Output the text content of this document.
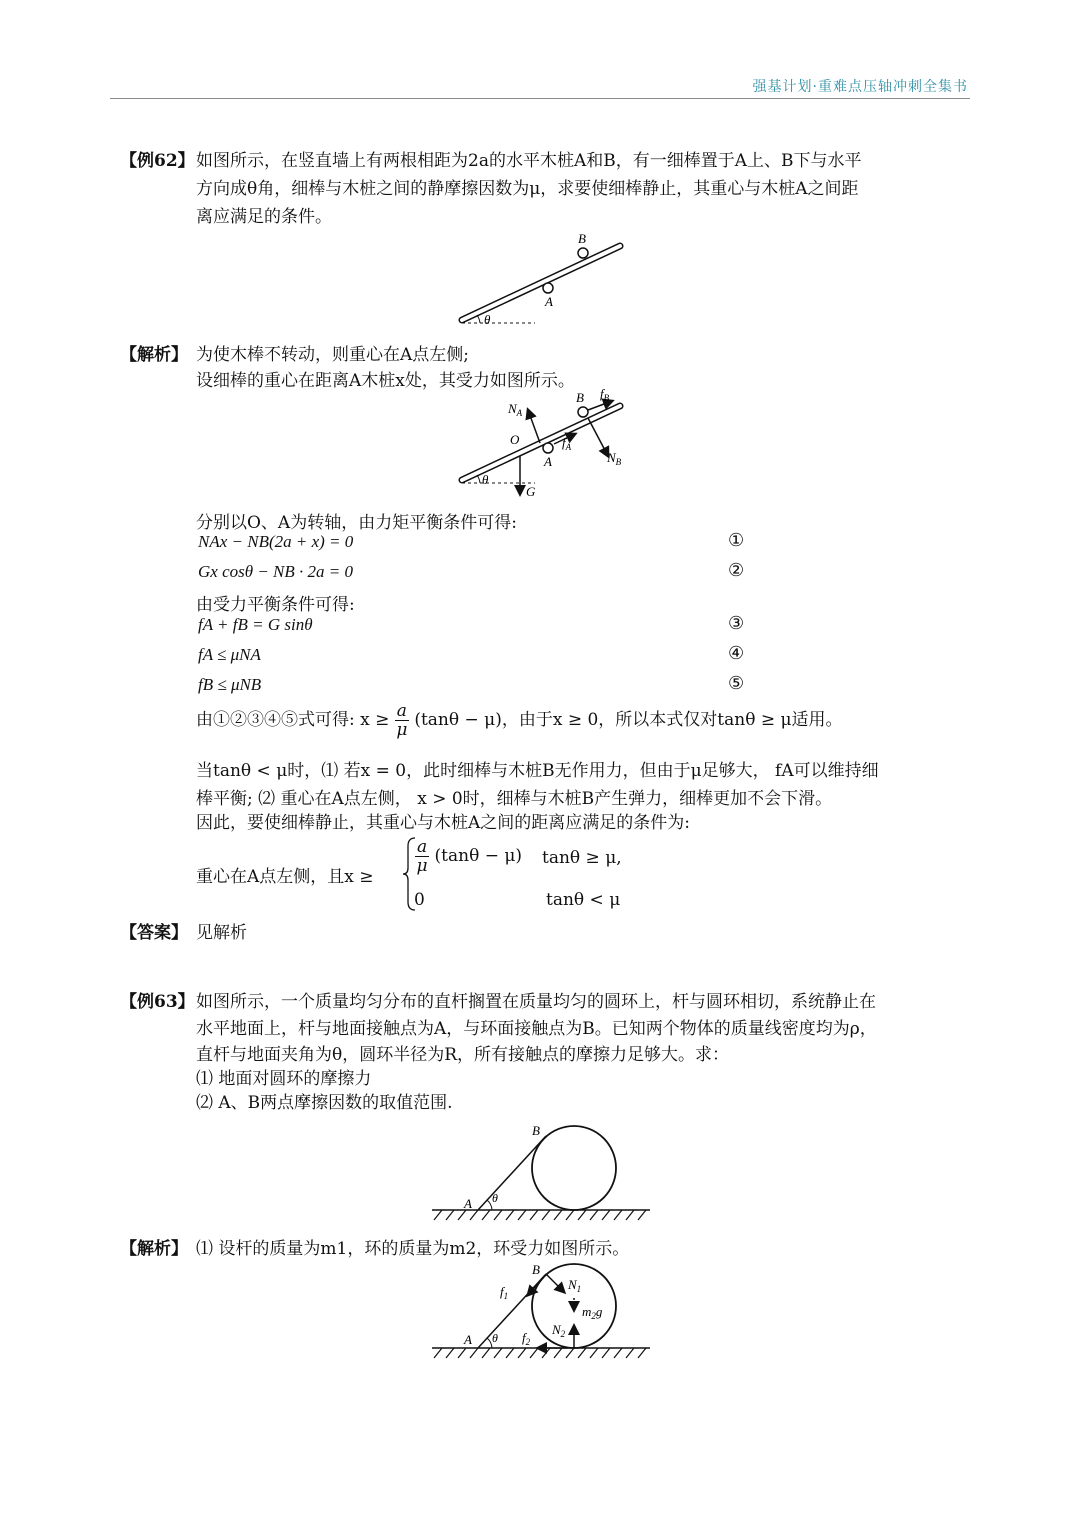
强基计划·重难点压轴冲刺全集书
【例62】 如图所示，在竖直墙上有两根相距为2a的水平木桩A和B，有一细棒置于A上、B下与水平
方向成θ角，细棒与木桩之间的静摩擦因数为μ，求要使细棒静止，其重心与木桩A之间距
离应满足的条件。
B
A
θ
【解析】 为使木棒不转动，则重心在A点左侧;
设细棒的重心在距离A木桩x处，其受力如图所示。
$N_A$
B $f_B$
O	$f_A$
A	$N_B$
G
θ
分别以O、A为转轴，由力矩平衡条件可得:
NAx − NB(2a + x) = 0	①
Gx cosθ − NB · 2a = 0	②
由受力平衡条件可得:
fA + fB = G sinθ	③
fA ≤ μNA	④
fB ≤ μNB	⑤
由①②③④⑤式可得: $x \ge \frac{a}{\mu} (\tan\theta - \mu)$，由于x ≥ 0，所以本式仅对tanθ ≥ μ适用。
当tanθ < μ时，⑴ 若x = 0，此时细棒与木桩B无作用力，但由于μ足够大， fA可以维持细
棒平衡; ⑵ 重心在A点左侧， x > 0时，细棒与木桩B产生弹力，细棒更加不会下滑。
因此，要使细棒静止，其重心与木桩A之间的距离应满足的条件为:
重心在A点左侧，且x ≥
$\frac{a}{\mu} (\tan\theta - \mu) \tan\theta \ge \mu$,
0	tanθ < μ
【答案】 见解析
【例63】 如图所示，一个质量均匀分布的直杆搁置在质量均匀的圆环上，杆与圆环相切，系统静止在
水平地面上，杆与地面接触点为A，与环面接触点为B。已知两个物体的质量线密度均为ρ，
直杆与地面夹角为θ，圆环半径为R，所有接触点的摩擦力足够大。求：
⑴ 地面对圆环的摩擦力
⑵ A、B两点摩擦因数的取值范围.
B
A θ
【解析】 ⑴ 设杆的质量为m1，环的质量为m2，环受力如图所示。
B
$N_1$
$f_1$
$m_2g$
$N_2$
A θ $f_2$
